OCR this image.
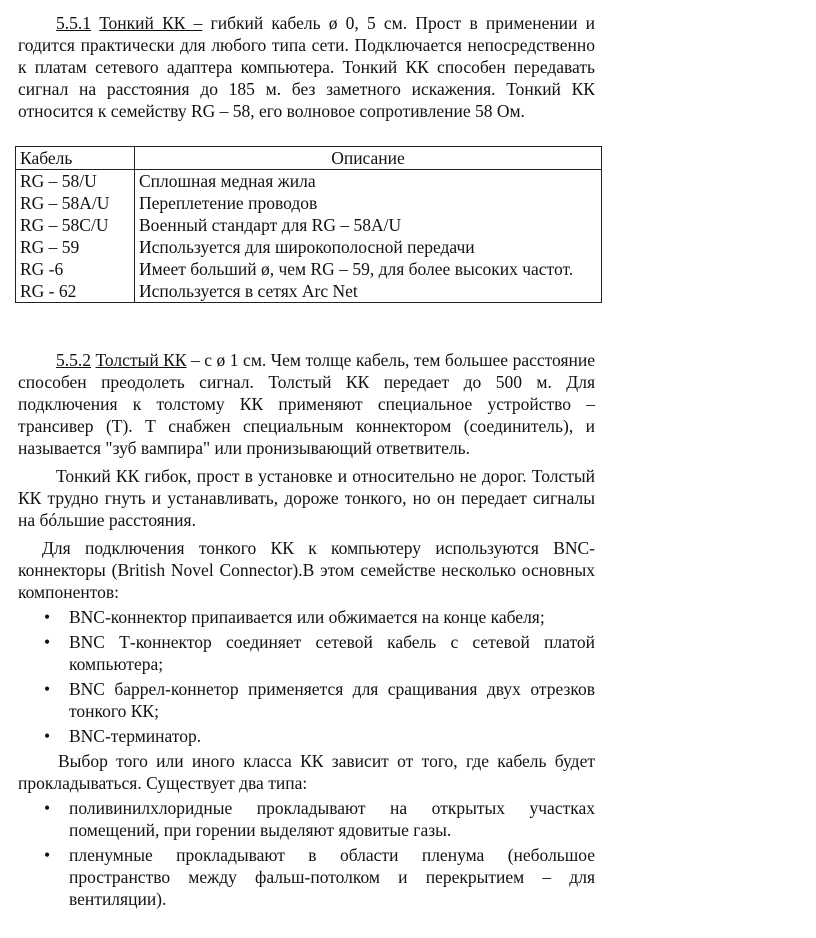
5.5.1 Тонкий КК – гибкий кабель ø 0, 5 см. Прост в применении и годится практически для любого типа сети. Подключается непосредственно к платам сетевого адаптера компьютера. Тонкий КК способен передавать сигнал на расстояния до 185 м. без заметного искажения. Тонкий КК относится к семейству RG – 58, его волновое сопротивление 58 Ом.

Кабель	Описание
RG – 58/U	Сплошная медная жила
RG – 58A/U	Переплетение проводов
RG – 58C/U	Военный стандарт для RG – 58A/U
RG – 59	Используется для широкополосной передачи
RG -6	Имеет больший ø, чем RG – 59, для более высоких частот.
RG - 62	Используется в сетях Arc Net

5.5.2 Толстый КК – с ø 1 см. Чем толще кабель, тем большее расстояние способен преодолеть сигнал. Толстый КК передает до 500 м. Для подключения к толстому КК применяют специальное устройство – трансивер (Т). Т снабжен специальным коннектором (соединитель), и называется "зуб вампира" или пронизывающий ответвитель.

Тонкий КК гибок, прост в установке и относительно не дорог. Толстый КК трудно гнуть и устанавливать, дороже тонкого, но он передает сигналы на бóльшие расстояния.

Для подключения тонкого КК к компьютеру используются BNC-коннекторы (British Novel Connector).В этом семействе несколько основных компонентов:

• BNC-коннектор припаивается или обжимается на конце кабеля;
• BNC Т-коннектор соединяет сетевой кабель с сетевой платой компьютера;
• BNC баррел-коннетор применяется для сращивания двух отрезков тонкого КК;
• BNC-терминатор.

Выбор того или иного класса КК зависит от того, где кабель будет прокладываться. Существует два типа:

• поливинилхлоридные прокладывают на открытых участках помещений, при горении выделяют ядовитые газы.
• пленумные прокладывают в области пленума (небольшое пространство между фальш-потолком и перекрытием – для вентиляции).
